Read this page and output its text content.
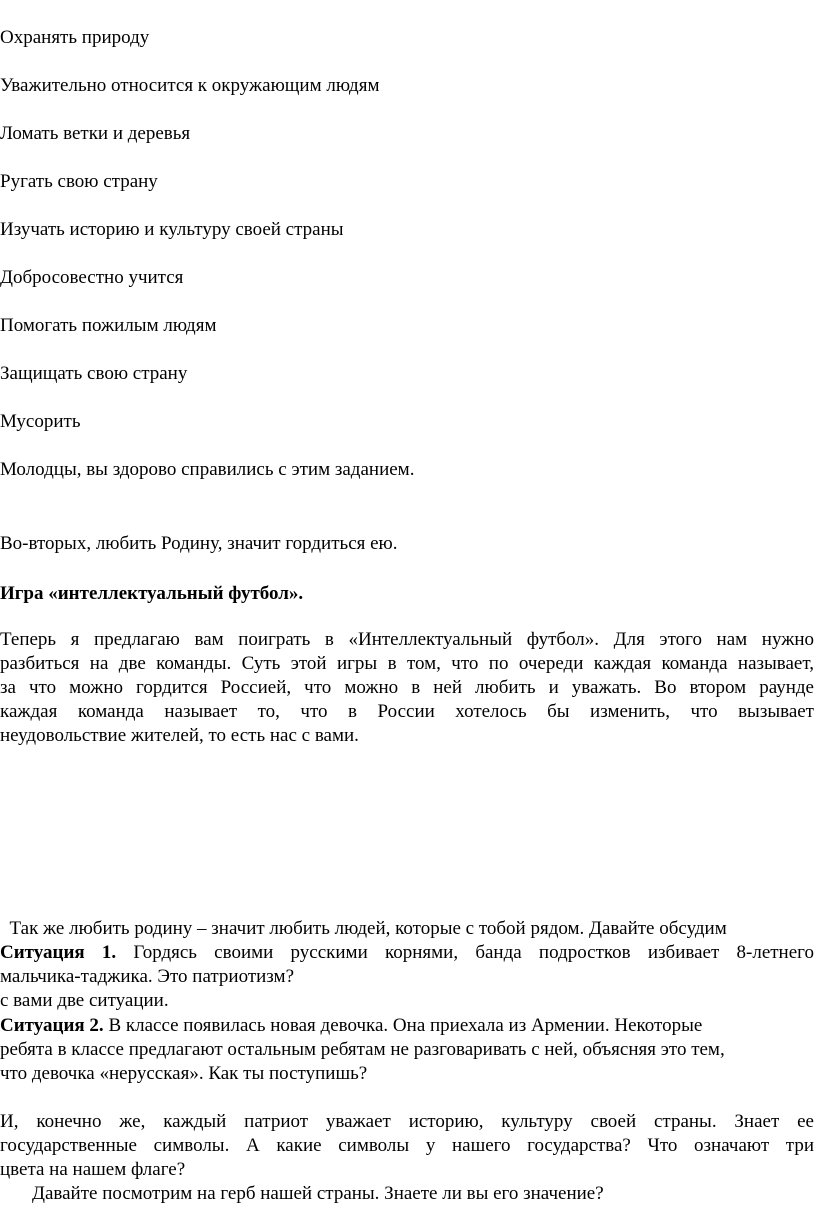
Охранять природу
Уважительно относится к окружающим людям
Ломать ветки и деревья
Ругать свою страну
Изучать историю и культуру своей страны
Добросовестно учится
Помогать пожилым людям
Защищать свою страну
Мусорить
Молодцы, вы здорово справились с этим заданием.
Во-вторых, любить Родину, значит гордиться ею.
Игра «интеллектуальный футбол».
Теперь я предлагаю вам поиграть в «Интеллектуальный футбол». Для этого нам нужно
разбиться на две команды. Суть этой игры в том, что по очереди каждая команда называет,
за что можно гордится Россией, что можно в ней любить и уважать. Во втором раунде
каждая команда называет то, что в России хотелось бы изменить, что вызывает
неудовольствие жителей, то есть нас с вами.

Так же любить родину – значит любить людей, которые с тобой рядом. Давайте обсудим

с вами две ситуации.

Ситуация 1. Гордясь своими русскими корнями, банда подростков избивает 8-летнего
мальчика-таджика. Это патриотизм?
Ситуация 2. В классе появилась новая девочка. Она приехала из Армении. Некоторые
ребята в классе предлагают остальным ребятам не разговаривать с ней, объясняя это тем,
что девочка «нерусская». Как ты поступишь?
И, конечно же, каждый патриот уважает историю, культуру своей страны. Знает ее
государственные символы. А какие символы у нашего государства? Что означают три
цвета на нашем флаге?
Давайте посмотрим на герб нашей страны. Знаете ли вы его значение?
